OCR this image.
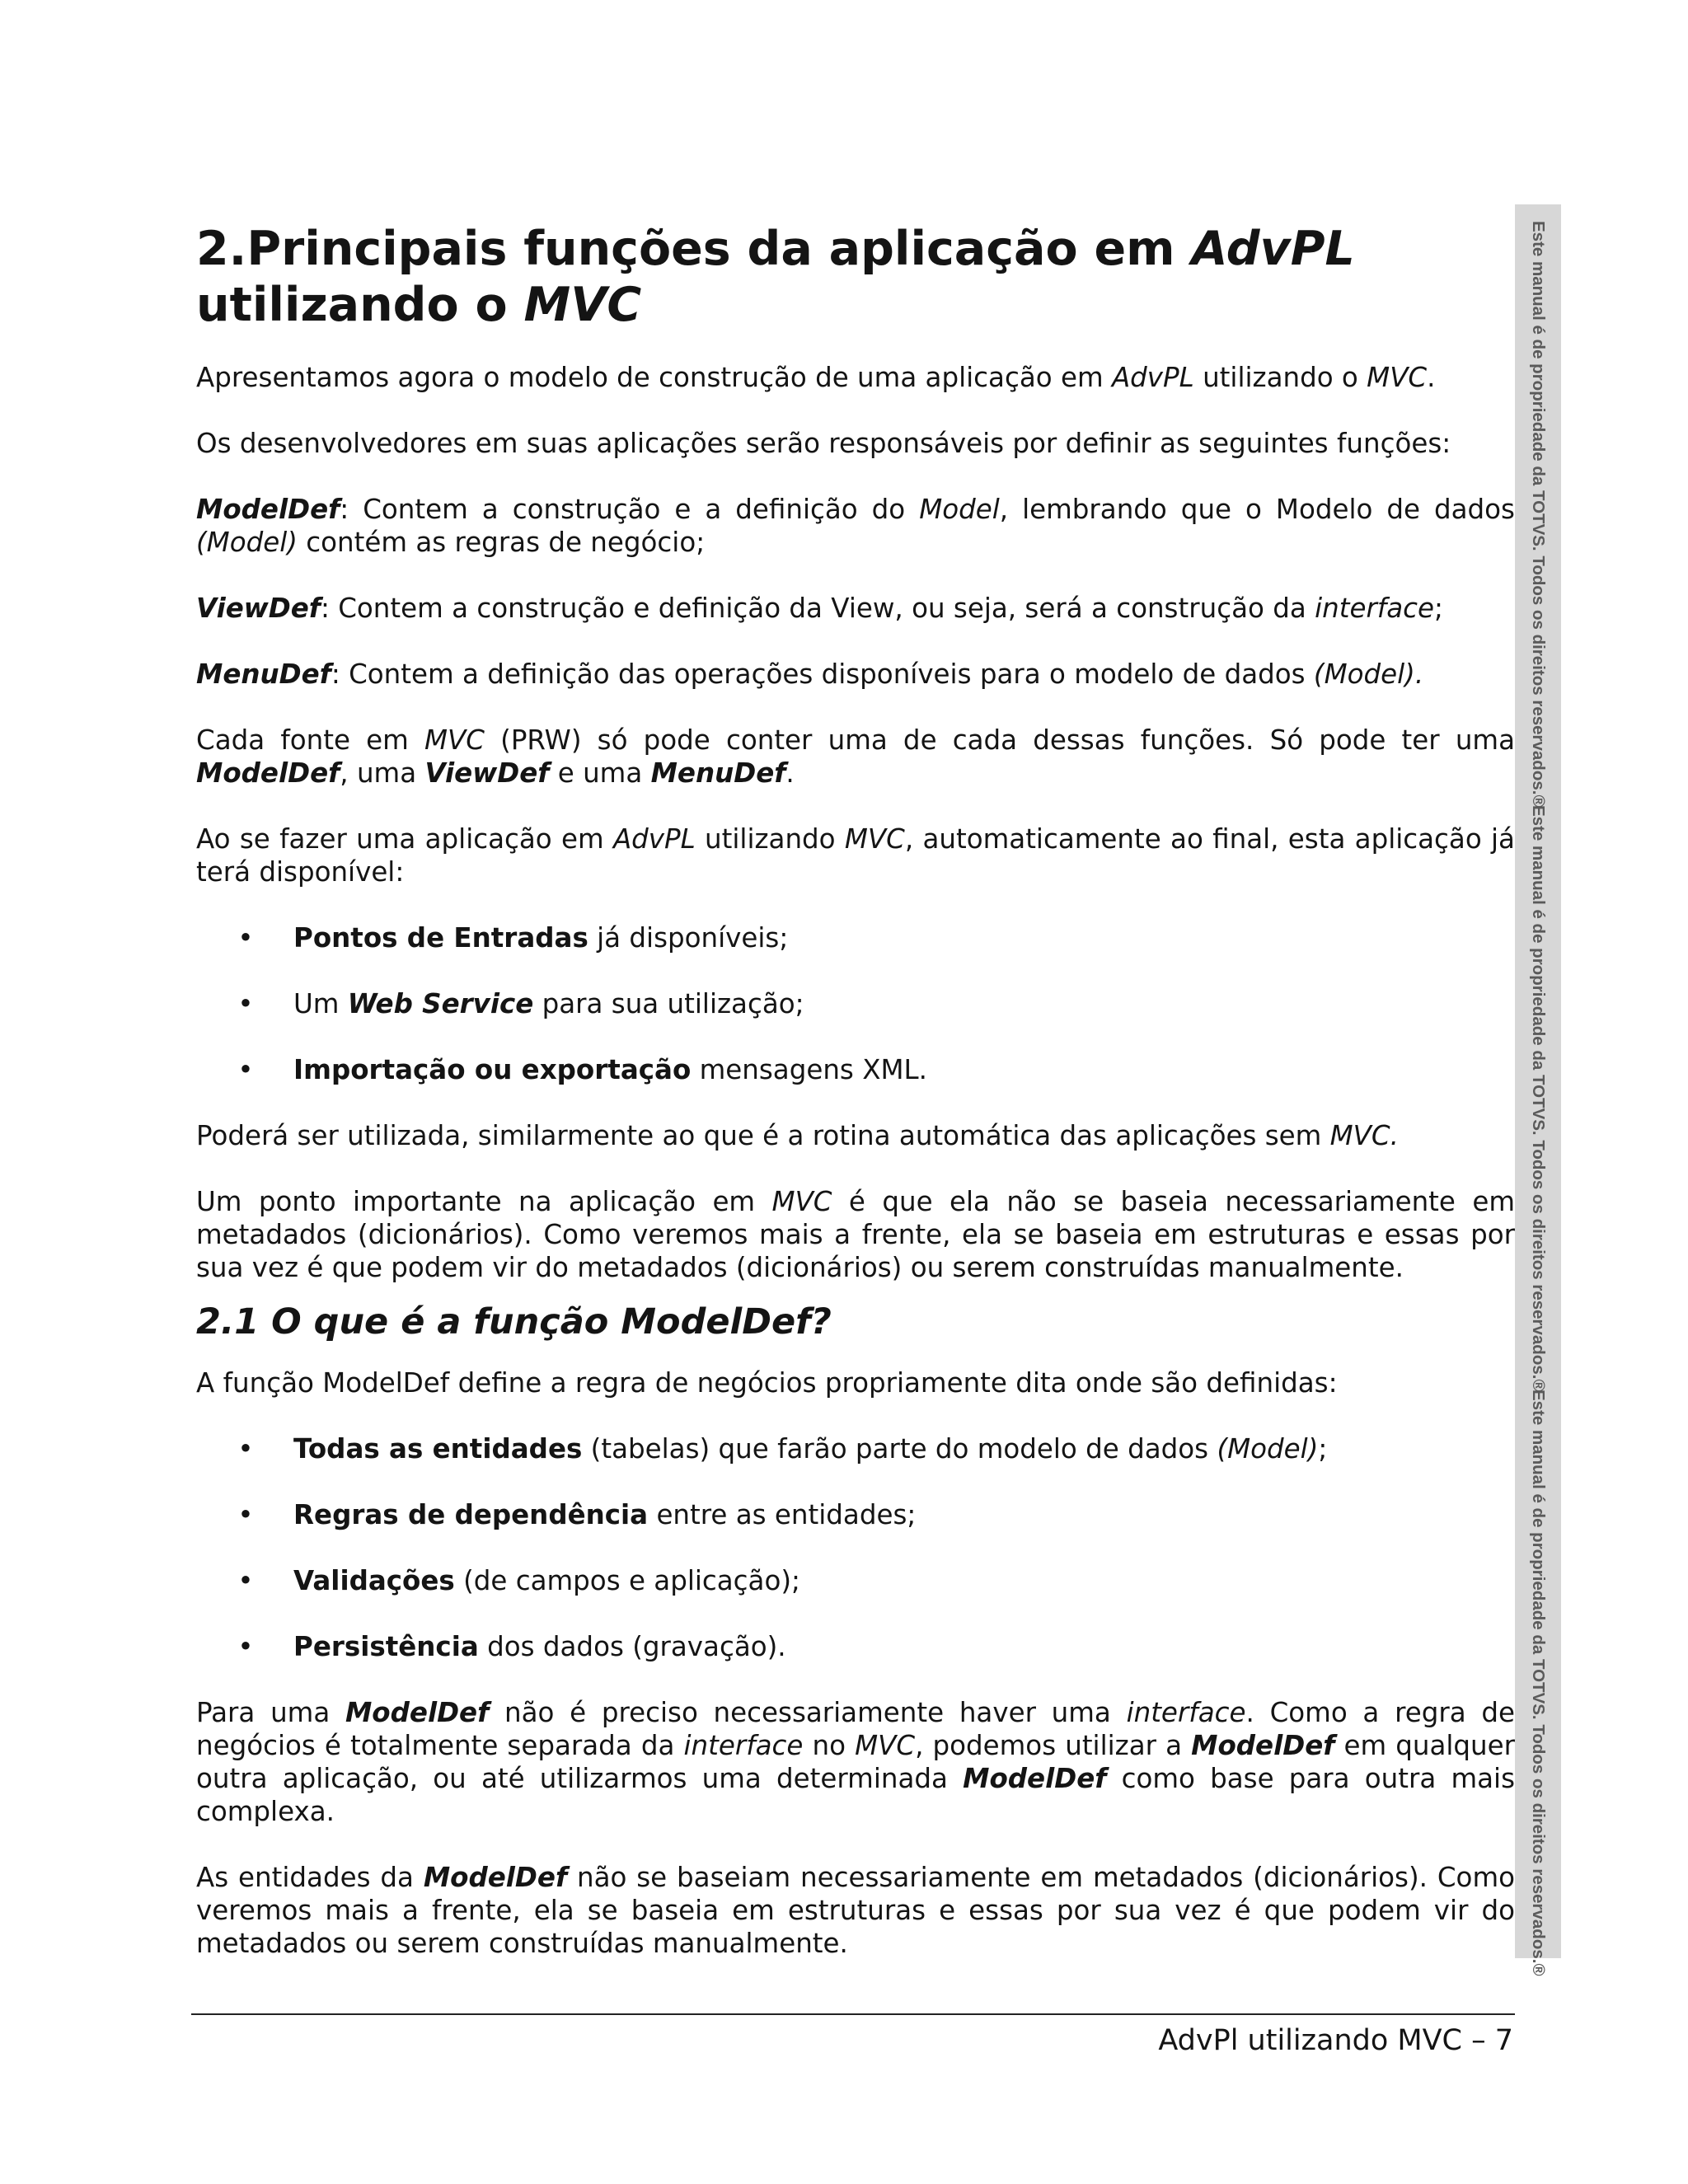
2.Principais funções da aplicação em AdvPL
utilizando o MVC

Apresentamos agora o modelo de construção de uma aplicação em AdvPL utilizando o MVC.

Os desenvolvedores em suas aplicações serão responsáveis por definir as seguintes funções:

ModelDef: Contem a construção e a definição do Model, lembrando que o Modelo de dados (Model) contém as regras de negócio;

ViewDef: Contem a construção e definição da View, ou seja, será a construção da interface;

MenuDef: Contem a definição das operações disponíveis para o modelo de dados (Model).

Cada fonte em MVC (PRW) só pode conter uma de cada dessas funções. Só pode ter uma ModelDef, uma ViewDef e uma MenuDef.

Ao se fazer uma aplicação em AdvPL utilizando MVC, automaticamente ao final, esta aplicação já terá disponível:

• Pontos de Entradas já disponíveis;
• Um Web Service para sua utilização;
• Importação ou exportação mensagens XML.

Poderá ser utilizada, similarmente ao que é a rotina automática das aplicações sem MVC.

Um ponto importante na aplicação em MVC é que ela não se baseia necessariamente em metadados (dicionários). Como veremos mais a frente, ela se baseia em estruturas e essas por sua vez é que podem vir do metadados (dicionários) ou serem construídas manualmente.

2.1 O que é a função ModelDef?

A função ModelDef define a regra de negócios propriamente dita onde são definidas:

• Todas as entidades (tabelas) que farão parte do modelo de dados (Model);
• Regras de dependência entre as entidades;
• Validações (de campos e aplicação);
• Persistência dos dados (gravação).

Para uma ModelDef não é preciso necessariamente haver uma interface. Como a regra de negócios é totalmente separada da interface no MVC, podemos utilizar a ModelDef em qualquer outra aplicação, ou até utilizarmos uma determinada ModelDef como base para outra mais complexa.

As entidades da ModelDef não se baseiam necessariamente em metadados (dicionários). Como veremos mais a frente, ela se baseia em estruturas e essas por sua vez é que podem vir do metadados ou serem construídas manualmente.

Este manual é de propriedade da TOTVS. Todos os direitos reservados.®
Este manual é de propriedade da TOTVS. Todos os direitos reservados.®
Este manual é de propriedade da TOTVS. Todos os direitos reservados.®
AdvPl utilizando MVC – 7
